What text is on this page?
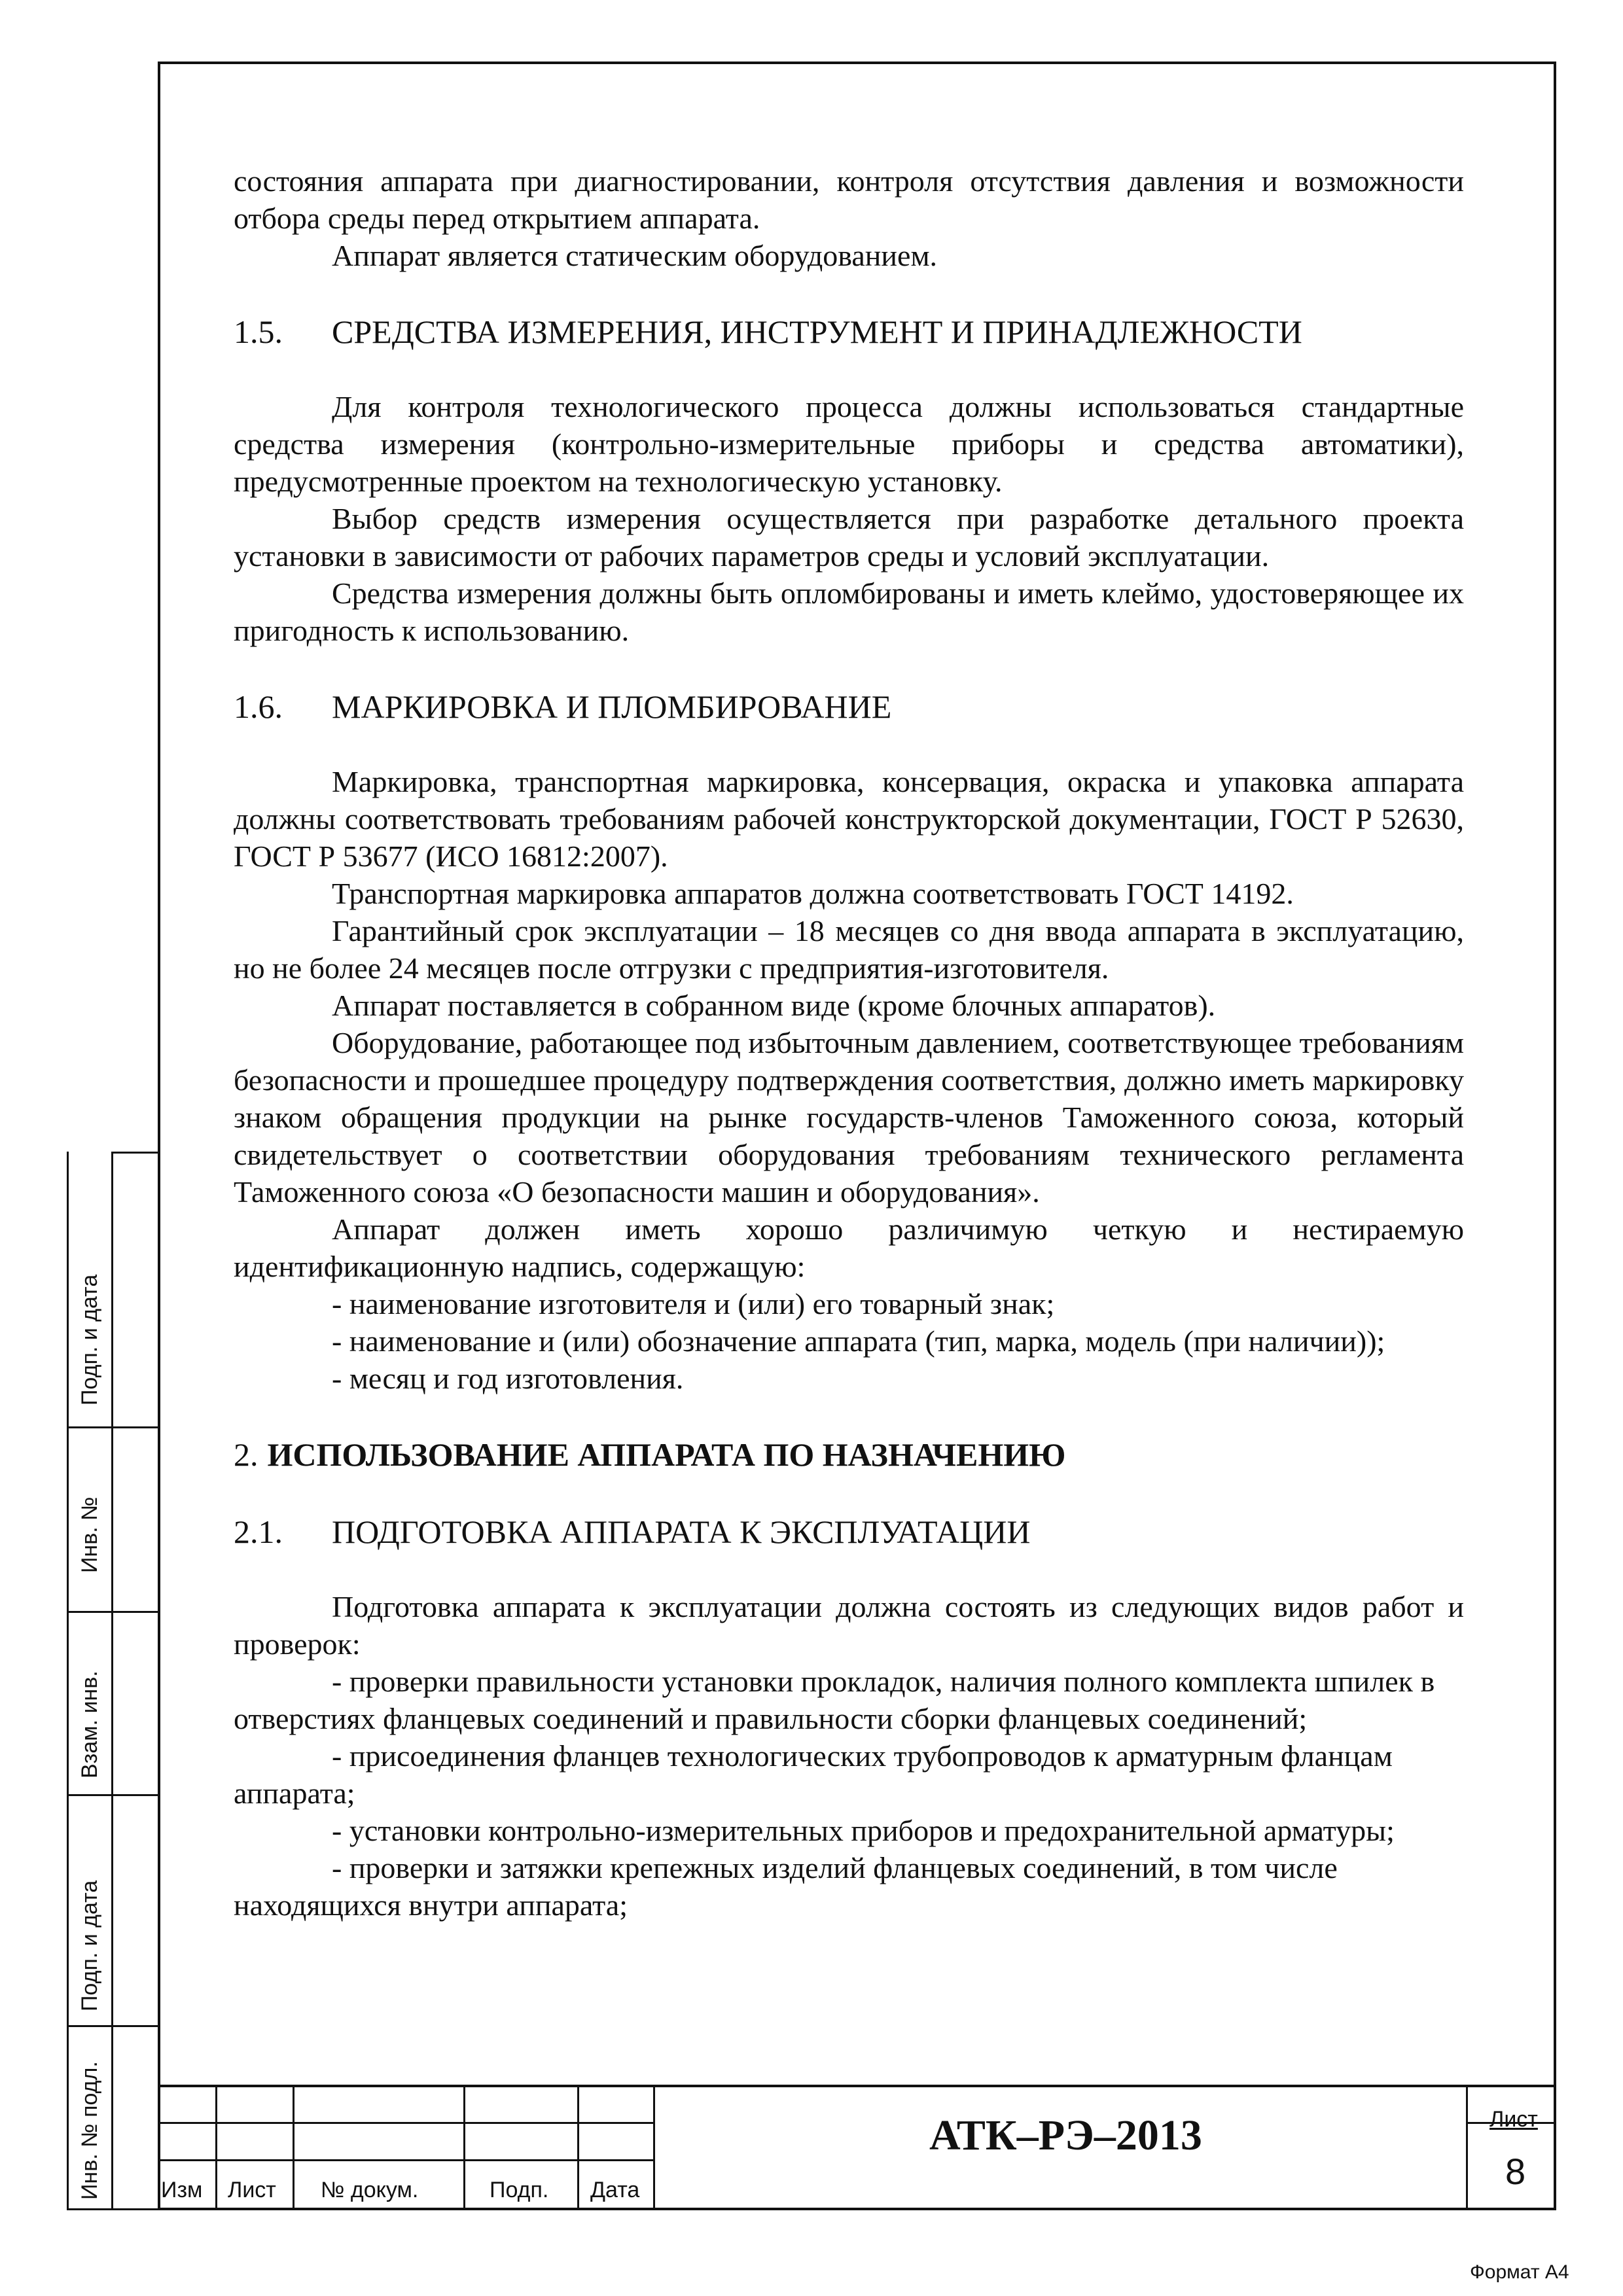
состояния аппарата при диагностировании, контроля отсутствия давления и возможности отбора среды перед открытием аппарата.

Аппарат является статическим оборудованием.

1.5. СРЕДСТВА ИЗМЕРЕНИЯ, ИНСТРУМЕНТ И ПРИНАДЛЕЖНОСТИ

Для контроля технологического процесса должны использоваться стандартные средства измерения (контрольно-измерительные приборы и средства автоматики), предусмотренные проектом на технологическую установку.

Выбор средств измерения осуществляется при разработке детального проекта установки в зависимости от рабочих параметров среды и условий эксплуатации.

Средства измерения должны быть опломбированы и иметь клеймо, удостоверяющее их пригодность к использованию.

1.6. МАРКИРОВКА И ПЛОМБИРОВАНИЕ

Маркировка, транспортная маркировка, консервация, окраска и упаковка аппарата должны соответствовать требованиям рабочей конструкторской документации, ГОСТ Р 52630, ГОСТ Р 53677 (ИСО 16812:2007).

Транспортная маркировка аппаратов должна соответствовать ГОСТ 14192.

Гарантийный срок эксплуатации – 18 месяцев со дня ввода аппарата в эксплуатацию, но не более 24 месяцев после отгрузки с предприятия-изготовителя.

Аппарат поставляется в собранном виде (кроме блочных аппаратов).

Оборудование, работающее под избыточным давлением, соответствующее требованиям безопасности и прошедшее процедуру подтверждения соответствия, должно иметь маркировку знаком обращения продукции на рынке государств-членов Таможенного союза, который свидетельствует о соответствии оборудования требованиям технического регламента Таможенного союза «О безопасности машин и оборудования».

Аппарат должен иметь хорошо различимую четкую и нестираемую идентификационную надпись, содержащую:

- наименование изготовителя и (или) его товарный знак;

- наименование и (или) обозначение аппарата (тип, марка, модель (при наличии));

- месяц и год изготовления.

2. ИСПОЛЬЗОВАНИЕ АППАРАТА ПО НАЗНАЧЕНИЮ
2.1. ПОДГОТОВКА АППАРАТА К ЭКСПЛУАТАЦИИ

Подготовка аппарата к эксплуатации должна состоять из следующих видов работ и проверок:

- проверки правильности установки прокладок, наличия полного комплекта шпилек в отверстиях фланцевых соединений и правильности сборки фланцевых соединений;

- присоединения фланцев технологических трубопроводов к арматурным фланцам аппарата;

- установки контрольно-измерительных приборов и предохранительной арматуры;

- проверки и затяжки крепежных изделий фланцевых соединений, в том числе находящихся внутри аппарата;

Подп. и дата
Инв. №
Взам. инв.
Подп. и дата
Инв. № подл.	Изм Лист № докум.	Подп. Дата
АТК–РЭ–2013	Лист
8
Формат А4
